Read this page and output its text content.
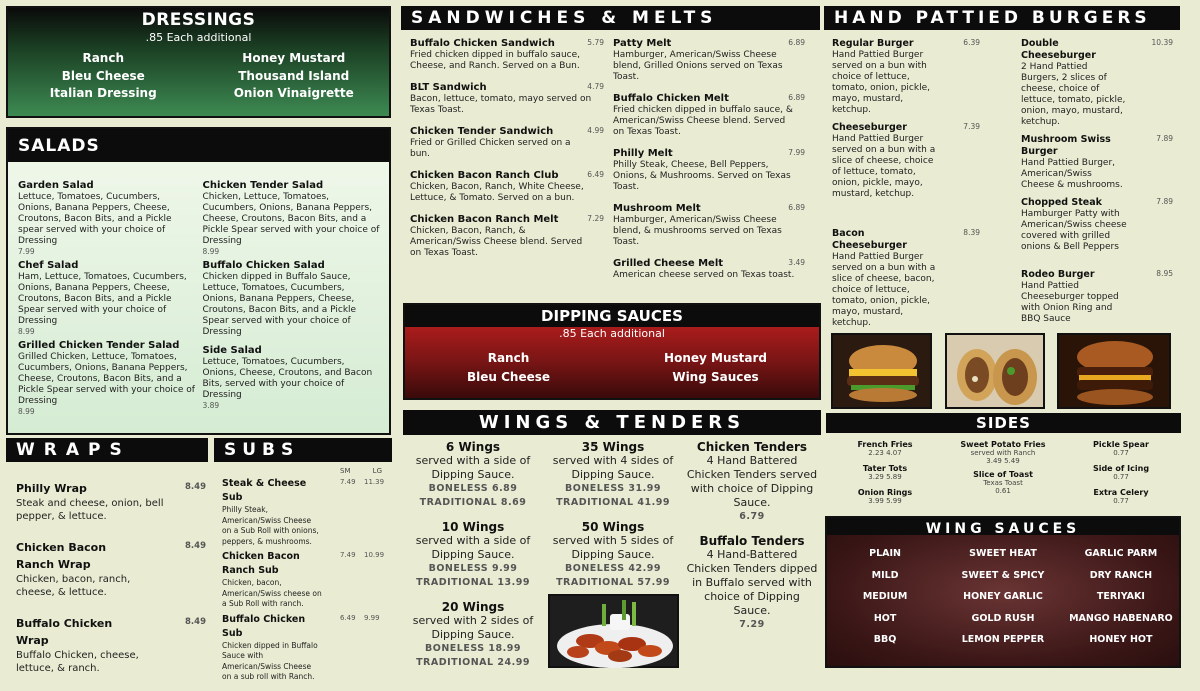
DRESSINGS
.85 Each additional
Ranch
Bleu Cheese
Italian Dressing
Honey Mustard
Thousand Island
Onion Vinaigrette
SALADS
Garden Salad
Lettuce, Tomatoes, Cucumbers, Onions, Banana Peppers, Cheese, Croutons, Bacon Bits, and a Pickle spear served with your choice of Dressing
7.99
Chef Salad
Ham, Lettuce, Tomatoes, Cucumbers, Onions, Banana Peppers, Cheese, Croutons, Bacon Bits, and a Pickle Spear served with your choice of Dressing
8.99
Grilled Chicken Tender Salad
Grilled Chicken, Lettuce, Tomatoes, Cucumbers, Onions, Banana Peppers, Cheese, Croutons, Bacon Bits, and a Pickle Spear served with your choice of Dressing
8.99
Chicken Tender Salad
Chicken, Lettuce, Tomatoes, Cucumbers, Onions, Banana Peppers, Cheese, Croutons, Bacon Bits, and a Pickle Spear served with your choice of Dressing
8.99
Buffalo Chicken Salad
Chicken dipped in Buffalo Sauce, Lettuce, Tomatoes, Cucumbers, Onions, Banana Peppers, Cheese, Croutons, Bacon Bits, and a Pickle Spear served with your choice of Dressing
Side Salad
Lettuce, Tomatoes, Cucumbers, Onions, Cheese, Croutons, and Bacon Bits, served with your choice of Dressing
3.89
WRAPS
Philly Wrap
Steak and cheese, onion, bell pepper, & lettuce.
8.49
Chicken Bacon Ranch Wrap
Chicken, bacon, ranch, cheese, & lettuce.
8.49
Buffalo Chicken Wrap
Buffalo Chicken, cheese, lettuce, & ranch.
8.49
SUBS
SM	LG
Steak & Cheese Sub
Philly Steak, American/Swiss Cheese on a Sub Roll with onions, peppers, & mushrooms.
7.49 11.39
Chicken Bacon Ranch Sub
Chicken, bacon, American/Swiss cheese on a Sub Roll with ranch.
7.49 10.99
Buffalo Chicken Sub
Chicken dipped in Buffalo Sauce with American/Swiss Cheese on a sub roll with Ranch.
6.49 9.99
SANDWICHES & MELTS
Buffalo Chicken Sandwich
Fried chicken dipped in buffalo sauce, Cheese, and Ranch. Served on a Bun.
5.79
BLT Sandwich
Bacon, lettuce, tomato, mayo served on Texas Toast.
4.79
Chicken Tender Sandwich
Fried or Grilled Chicken served on a bun.
4.99
Chicken Bacon Ranch Club
Chicken, Bacon, Ranch, White Cheese, Lettuce, & Tomato. Served on a bun.
6.49
Chicken Bacon Ranch Melt
Chicken, Bacon, Ranch, & American/Swiss Cheese blend. Served on Texas Toast.
7.29
Patty Melt
Hamburger, American/Swiss Cheese blend, Grilled Onions served on Texas Toast.
6.89
Buffalo Chicken Melt
Fried chicken dipped in buffalo sauce, & American/Swiss Cheese blend. Served on Texas Toast.
6.89
Philly Melt
Philly Steak, Cheese, Bell Peppers, Onions, & Mushrooms. Served on Texas Toast.
7.99
Mushroom Melt
Hamburger, American/Swiss Cheese blend, & mushrooms served on Texas Toast.
6.89
Grilled Cheese Melt
American cheese served on Texas toast.
3.49
DIPPING SAUCES
.85 Each additional
Ranch
Bleu Cheese
Honey Mustard
Wing Sauces
WINGS & TENDERS
6 Wings
served with a side of Dipping Sauce.
BONELESS 6.89
TRADITIONAL 8.69
10 Wings
served with a side of Dipping Sauce.
BONELESS 9.99
TRADITIONAL 13.99
20 Wings
served with 2 sides of Dipping Sauce.
BONELESS 18.99
TRADITIONAL 24.99
35 Wings
served with 4 sides of Dipping Sauce.
BONELESS 31.99
TRADITIONAL 41.99
50 Wings
served with 5 sides of Dipping Sauce.
BONELESS 42.99
TRADITIONAL 57.99
Chicken Tenders
4 Hand Battered Chicken Tenders served with choice of Dipping Sauce.
6.79
Buffalo Tenders
4 Hand-Battered Chicken Tenders dipped in Buffalo served with choice of Dipping Sauce.
7.29
HAND PATTIED BURGERS
Regular Burger
Hand Pattied Burger served on a bun with choice of lettuce, tomato, onion, pickle, mayo, mustard, ketchup.
6.39
Cheeseburger
Hand Pattied Burger served on a bun with a slice of cheese, choice of lettuce, tomato, onion, pickle, mayo, mustard, ketchup.
7.39
Bacon Cheeseburger
Hand Pattied Burger served on a bun with a slice of cheese, bacon, choice of lettuce, tomato, onion, pickle, mayo, mustard, ketchup.
8.39
Double Cheeseburger
2 Hand Pattied Burgers, 2 slices of cheese, choice of lettuce, tomato, pickle, onion, mayo, mustard, ketchup.
10.39
Mushroom Swiss Burger
Hand Pattied Burger, American/Swiss Cheese & mushrooms.
7.89
Chopped Steak
Hamburger Patty with American/Swiss cheese covered with grilled onions & Bell Peppers
7.89
Rodeo Burger
Hand Pattied Cheeseburger topped with Onion Ring and BBQ Sauce
8.95
SIDES
French Fries
2.23 4.07
Tater Tots
3.29 5.89
Onion Rings
3.99 5.99
Sweet Potato Fries
served with Ranch
3.49 5.49
Slice of Toast
Texas Toast
0.61
Pickle Spear
0.77
Side of Icing
0.77
Extra Celery
0.77
WING SAUCES
PLAIN
MILD
MEDIUM
HOT
BBQ
SWEET HEAT
SWEET & SPICY
HONEY GARLIC
GOLD RUSH
LEMON PEPPER
GARLIC PARM
DRY RANCH
TERIYAKI
MANGO HABENARO
HONEY HOT
